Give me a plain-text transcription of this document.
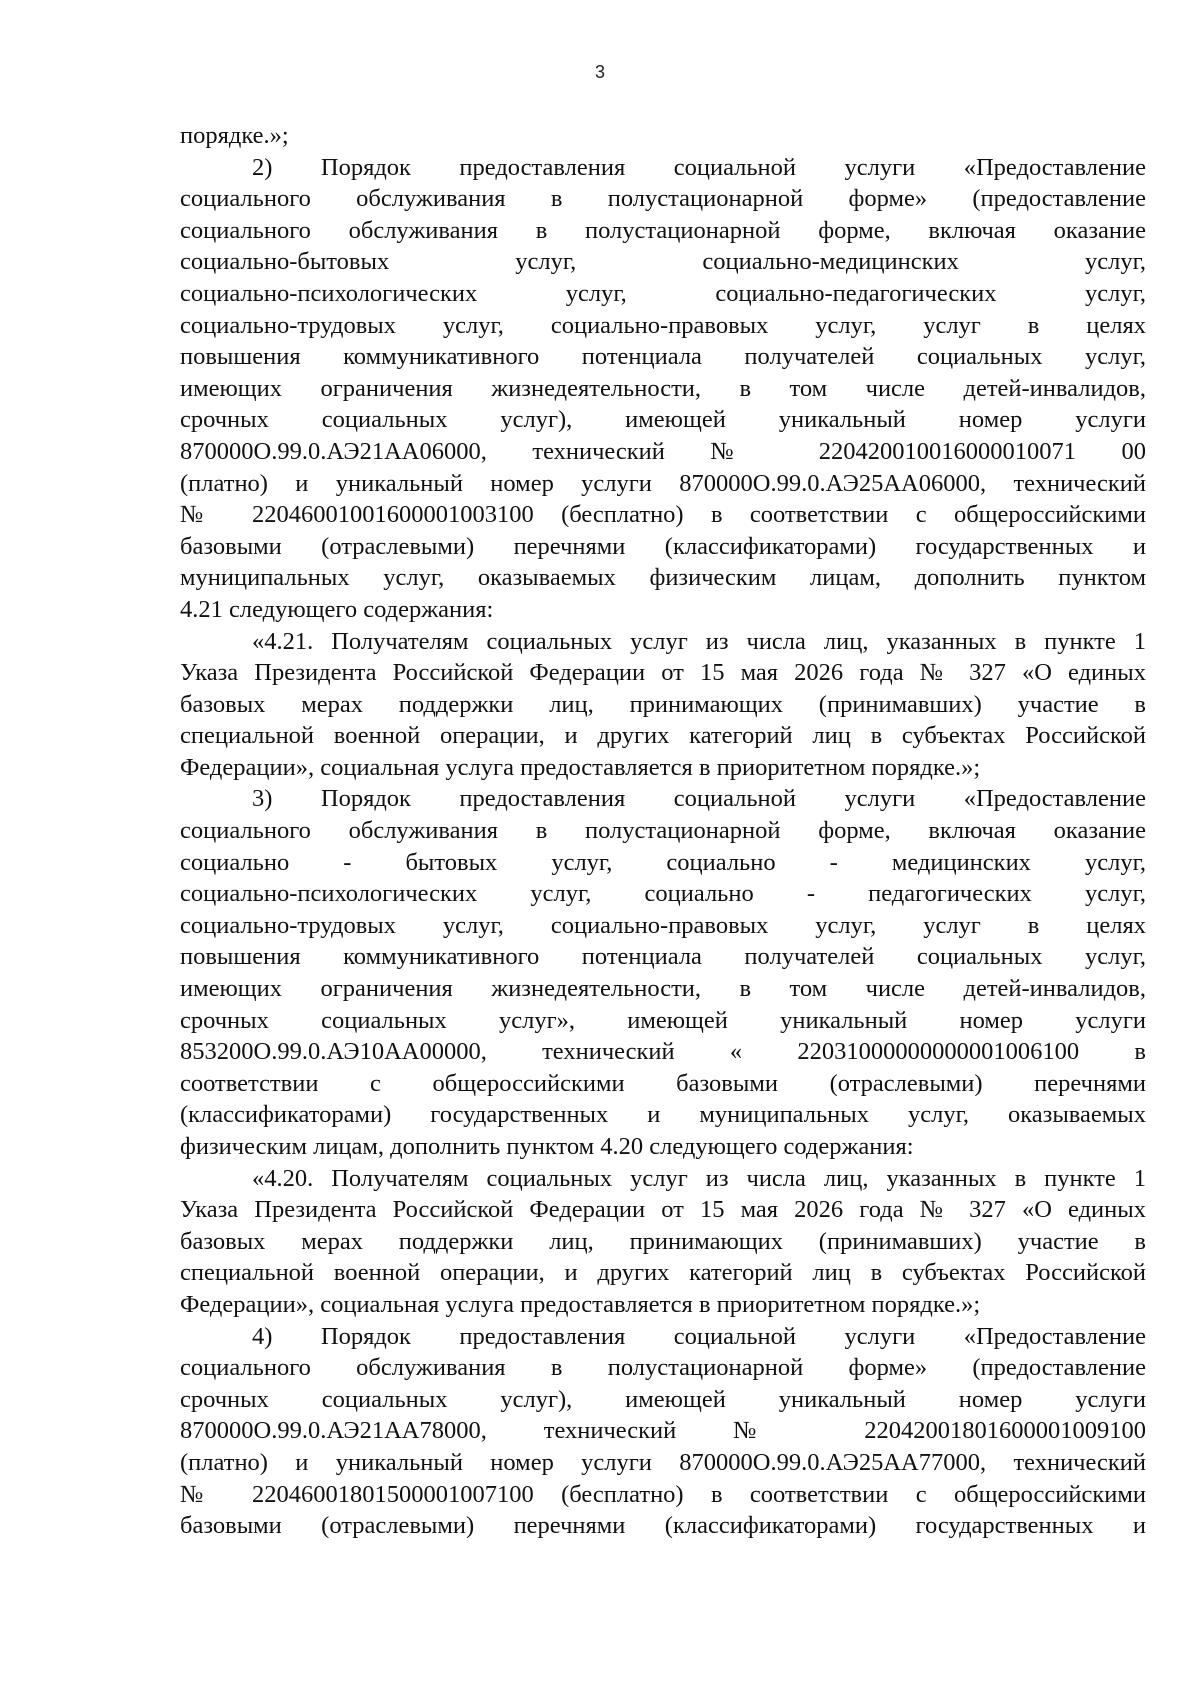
3
порядке.»;
2) Порядок предоставления социальной услуги «Предоставление
социального обслуживания в полустационарной форме» (предоставление
социального обслуживания в полустационарной форме, включая оказание
социально-бытовых услуг, социально-медицинских услуг,
социально-психологических услуг, социально-педагогических услуг,
социально-трудовых услуг, социально-правовых услуг, услуг в целях
повышения коммуникативного потенциала получателей социальных услуг,
имеющих ограничения жизнедеятельности, в том числе детей-инвалидов,
срочных социальных услуг), имеющей уникальный номер услуги
870000О.99.0.АЭ21АА06000, технический № 220420010016000010071 00
(платно) и уникальный номер услуги 870000О.99.0.АЭ25АА06000, технический
№ 22046001001600001003100 (бесплатно) в соответствии с общероссийскими
базовыми (отраслевыми) перечнями (классификаторами) государственных и
муниципальных услуг, оказываемых физическим лицам, дополнить пунктом
4.21 следующего содержания:
«4.21. Получателям социальных услуг из числа лиц, указанных в пункте 1
Указа Президента Российской Федерации от 15 мая 2026 года № 327 «О единых
базовых мерах поддержки лиц, принимающих (принимавших) участие в
специальной военной операции, и других категорий лиц в субъектах Российской
Федерации», социальная услуга предоставляется в приоритетном порядке.»;
3) Порядок предоставления социальной услуги «Предоставление
социального обслуживания в полустационарной форме, включая оказание
социально - бытовых услуг, социально - медицинских услуг,
социально-психологических услуг, социально - педагогических услуг,
социально-трудовых услуг, социально-правовых услуг, услуг в целях
повышения коммуникативного потенциала получателей социальных услуг,
имеющих ограничения жизнедеятельности, в том числе детей-инвалидов,
срочных социальных услуг», имеющей уникальный номер услуги
853200О.99.0.АЭ10АА00000, технический « 22031000000000001006100 в
соответствии с общероссийскими базовыми (отраслевыми) перечнями
(классификаторами) государственных и муниципальных услуг, оказываемых
физическим лицам, дополнить пунктом 4.20 следующего содержания:
«4.20. Получателям социальных услуг из числа лиц, указанных в пункте 1
Указа Президента Российской Федерации от 15 мая 2026 года № 327 «О единых
базовых мерах поддержки лиц, принимающих (принимавших) участие в
специальной военной операции, и других категорий лиц в субъектах Российской
Федерации», социальная услуга предоставляется в приоритетном порядке.»;
4) Порядок предоставления социальной услуги «Предоставление
социального обслуживания в полустационарной форме» (предоставление
срочных социальных услуг), имеющей уникальный номер услуги
870000О.99.0.АЭ21АА78000, технический № 22042001801600001009100
(платно) и уникальный номер услуги 870000О.99.0.АЭ25АА77000, технический
№ 22046001801500001007100 (бесплатно) в соответствии с общероссийскими
базовыми (отраслевыми) перечнями (классификаторами) государственных и
